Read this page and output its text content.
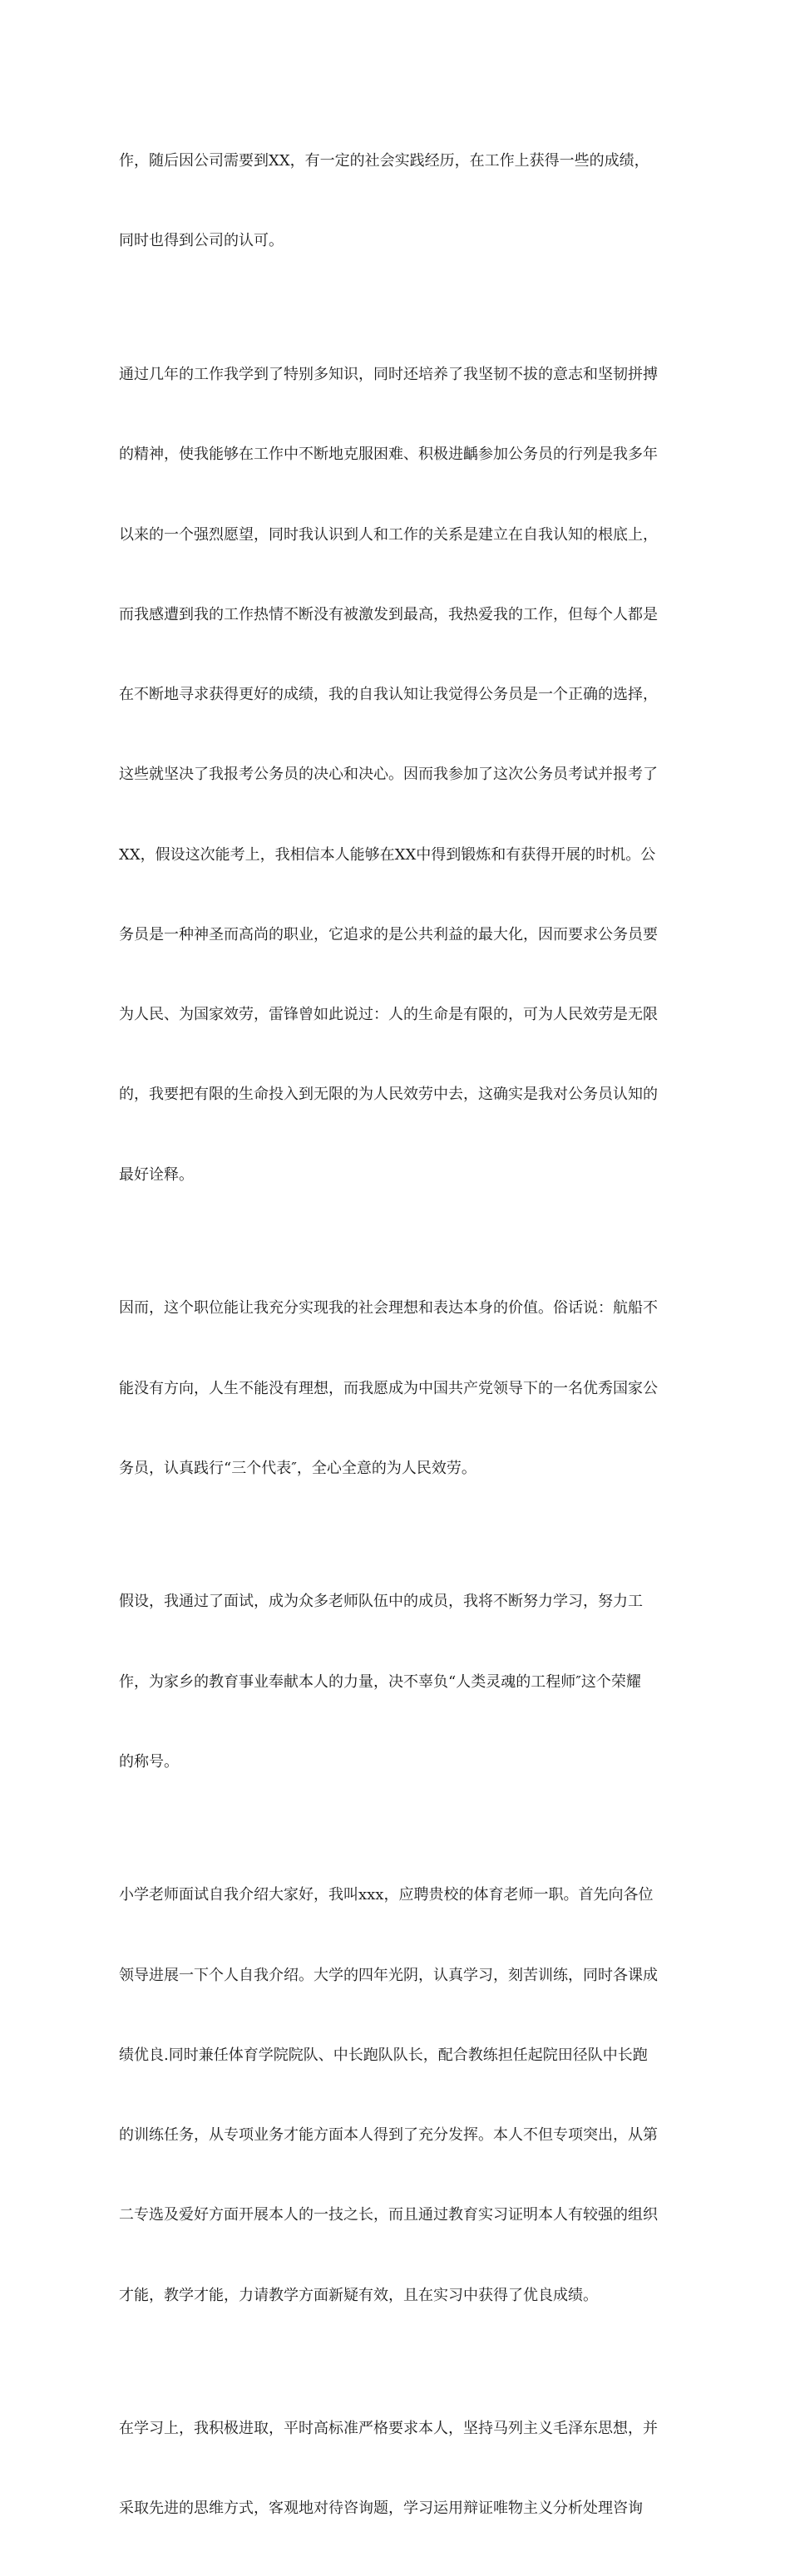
作，随后因公司需要到XX，有一定的社会实践经历，在工作上获得一些的成绩，

同时也得到公司的认可。

通过几年的工作我学到了特别多知识，同时还培养了我坚韧不拔的意志和坚韧拼搏

的精神，使我能够在工作中不断地克服困难、积极进齲参加公务员的行列是我多年

以来的一个强烈愿望，同时我认识到人和工作的关系是建立在自我认知的根底上，

而我感遭到我的工作热情不断没有被激发到最高，我热爱我的工作，但每个人都是

在不断地寻求获得更好的成绩，我的自我认知让我觉得公务员是一个正确的选择，

这些就坚决了我报考公务员的决心和决心。因而我参加了这次公务员考试并报考了

XX，假设这次能考上，我相信本人能够在XX中得到锻炼和有获得开展的时机。公

务员是一种神圣而高尚的职业，它追求的是公共利益的最大化，因而要求公务员要

为人民、为国家效劳，雷锋曾如此说过：人的生命是有限的，可为人民效劳是无限

的，我要把有限的生命投入到无限的为人民效劳中去，这确实是我对公务员认知的

最好诠释。

因而，这个职位能让我充分实现我的社会理想和表达本身的价值。俗话说：航船不

能没有方向，人生不能没有理想，而我愿成为中国共产党领导下的一名优秀国家公

务员，认真践行“三个代表″，全心全意的为人民效劳。

假设，我通过了面试，成为众多老师队伍中的成员，我将不断努力学习，努力工

作，为家乡的教育事业奉献本人的力量，决不辜负“人类灵魂的工程师″这个荣耀

的称号。

小学老师面试自我介绍大家好，我叫xxx，应聘贵校的体育老师一职。首先向各位

领导进展一下个人自我介绍。大学的四年光阴，认真学习，刻苦训练，同时各课成

绩优良.同时兼任体育学院院队、中长跑队队长，配合教练担任起院田径队中长跑

的训练任务，从专项业务才能方面本人得到了充分发挥。本人不但专项突出，从第

二专选及爱好方面开展本人的一技之长，而且通过教育实习证明本人有较强的组织

才能，教学才能，力请教学方面新疑有效，且在实习中获得了优良成绩。

在学习上，我积极进取，平时高标准严格要求本人，坚持马列主义毛泽东思想，并

采取先进的思维方式，客观地对待咨询题，学习运用辩证唯物主义分析处理咨询
